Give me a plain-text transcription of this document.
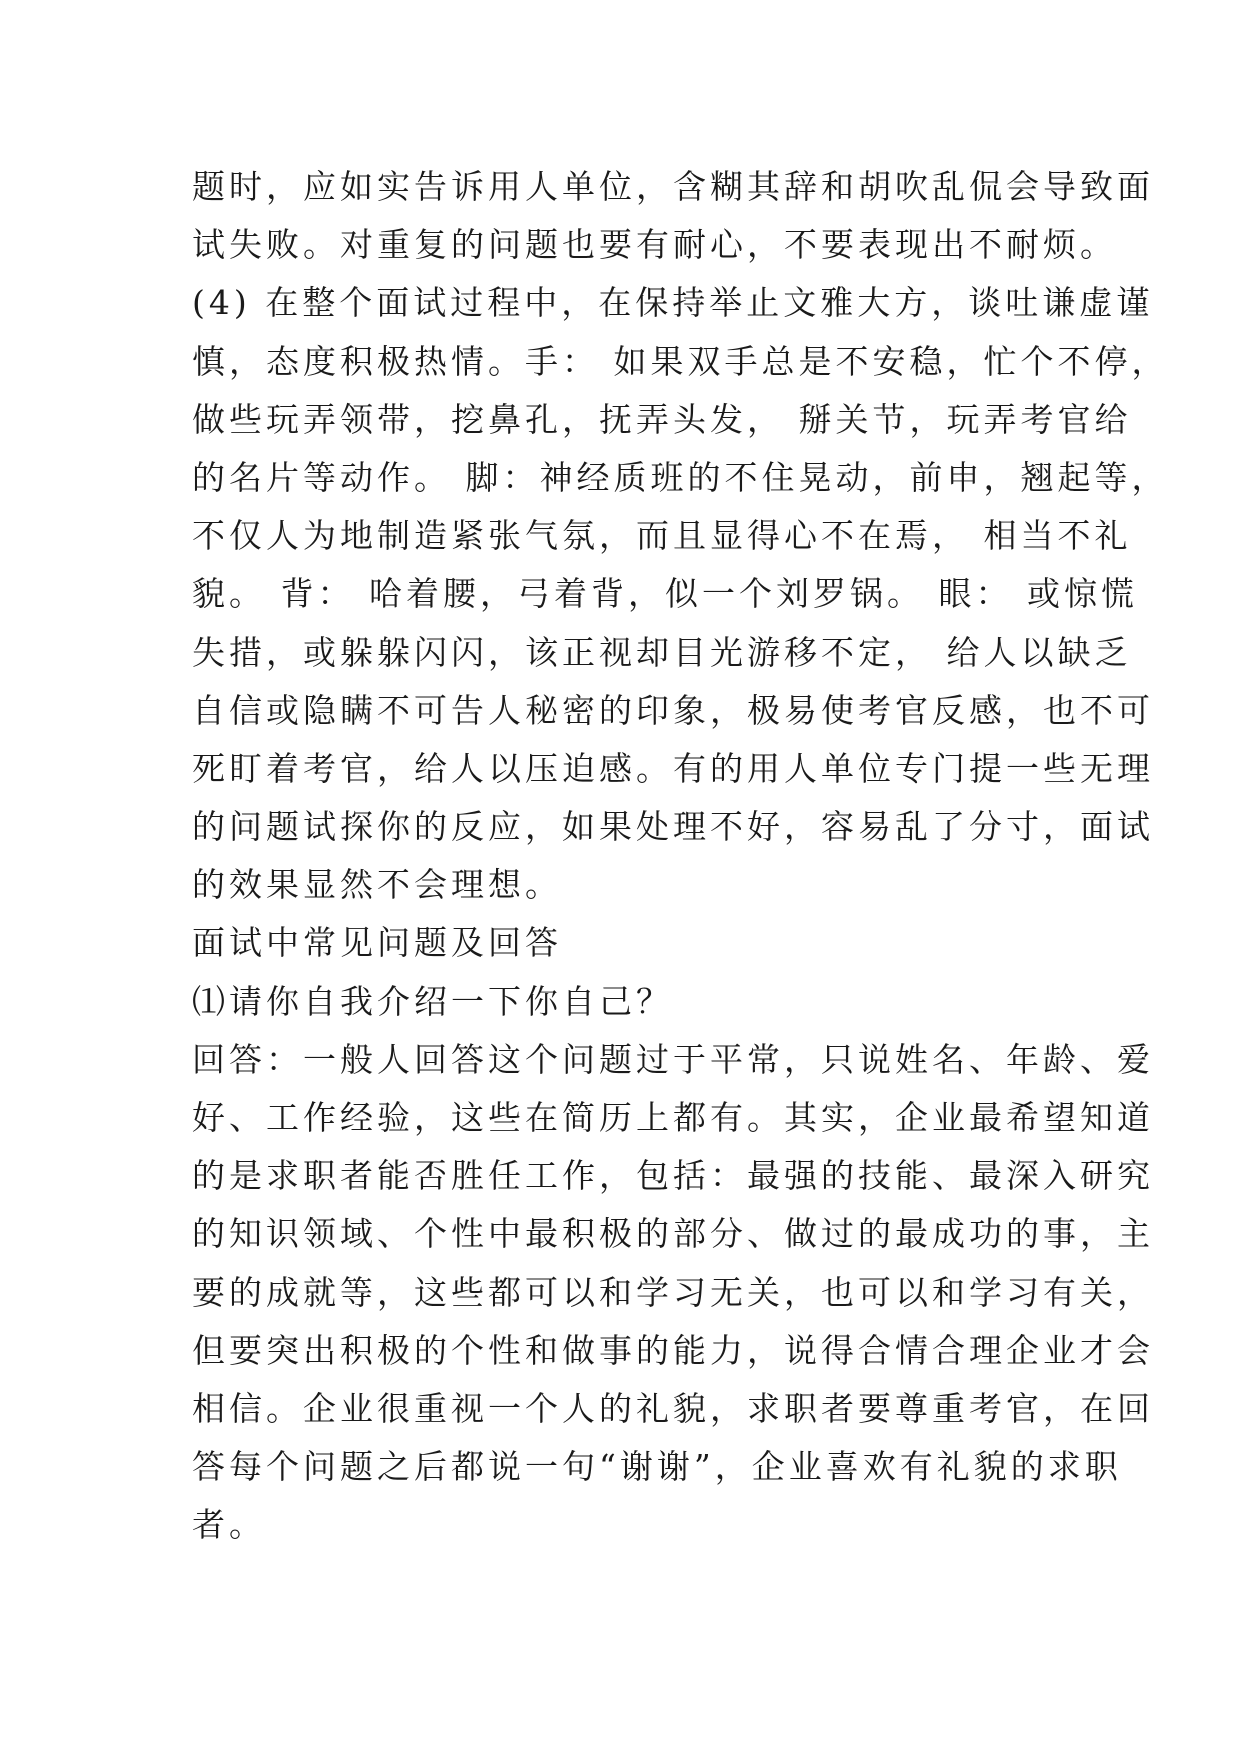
题时，应如实告诉用人单位，含糊其辞和胡吹乱侃会导致面
试失败。对重复的问题也要有耐心，不要表现出不耐烦。
(4) 在整个面试过程中，在保持举止文雅大方，谈吐谦虚谨
慎，态度积极热情。手： 如果双手总是不安稳，忙个不停，
做些玩弄领带，挖鼻孔，抚弄头发， 掰关节，玩弄考官给
的名片等动作。 脚：神经质班的不住晃动，前申，翘起等，
不仅人为地制造紧张气氛，而且显得心不在焉， 相当不礼
貌。 背： 哈着腰，弓着背，似一个刘罗锅。 眼： 或惊慌
失措，或躲躲闪闪，该正视却目光游移不定， 给人以缺乏
自信或隐瞒不可告人秘密的印象，极易使考官反感，也不可
死盯着考官，给人以压迫感。有的用人单位专门提一些无理
的问题试探你的反应，如果处理不好，容易乱了分寸，面试
的效果显然不会理想。
面试中常见问题及回答
⑴请你自我介绍一下你自己？
回答：一般人回答这个问题过于平常，只说姓名、年龄、爱
好、工作经验，这些在简历上都有。其实，企业最希望知道
的是求职者能否胜任工作，包括：最强的技能、最深入研究
的知识领域、个性中最积极的部分、做过的最成功的事，主
要的成就等，这些都可以和学习无关，也可以和学习有关，
但要突出积极的个性和做事的能力，说得合情合理企业才会
相信。企业很重视一个人的礼貌，求职者要尊重考官，在回
答每个问题之后都说一句“谢谢”，企业喜欢有礼貌的求职
者。
